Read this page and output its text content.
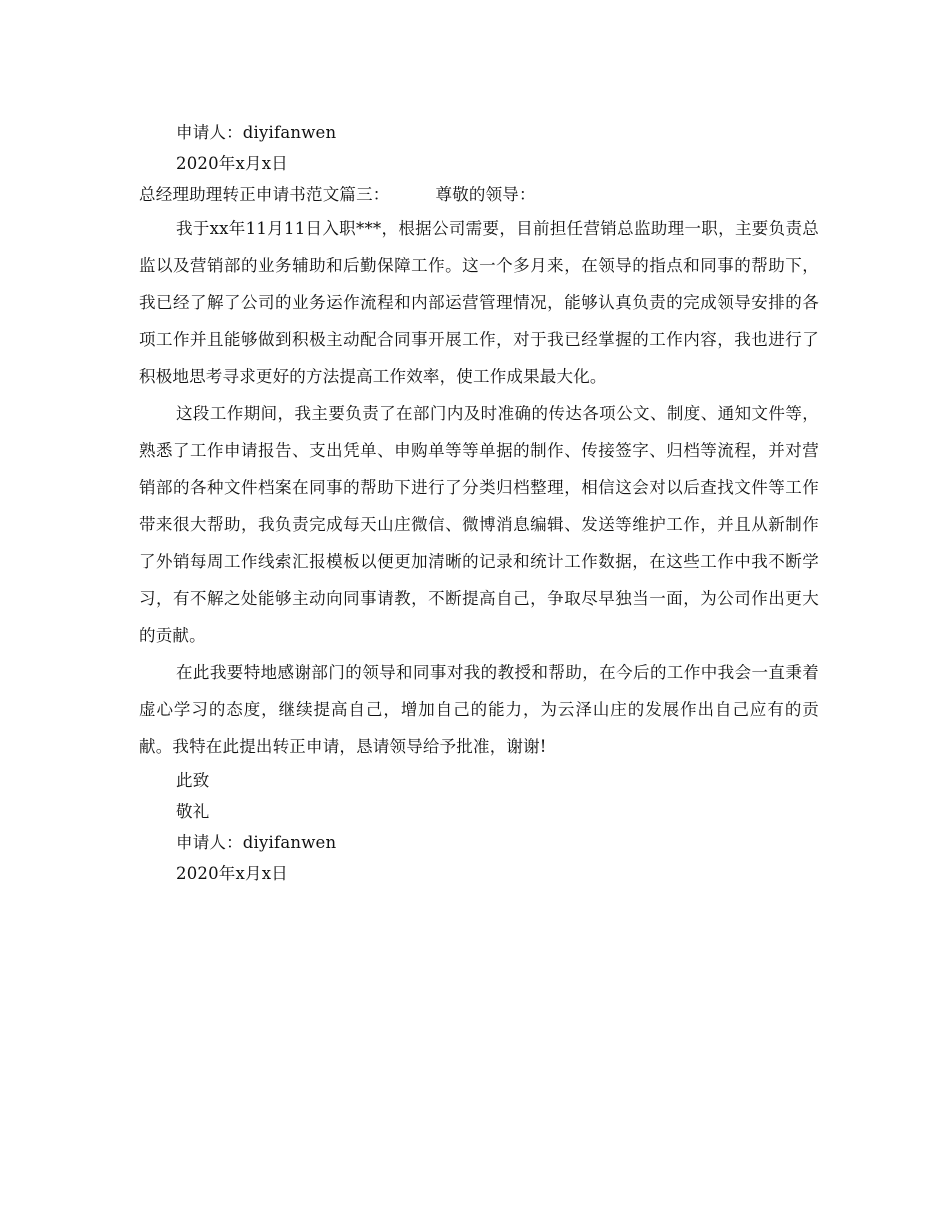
申请人：diyifanwen
2020年x月x日
总经理助理转正申请书范文篇三：	尊敬的领导：

我于xx年11月11日入职***，根据公司需要，目前担任营销总监助理一职，主要负责总监以及营销部的业务辅助和后勤保障工作。这一个多月来，在领导的指点和同事的帮助下，我已经了解了公司的业务运作流程和内部运营管理情况，能够认真负责的完成领导安排的各项工作并且能够做到积极主动配合同事开展工作，对于我已经掌握的工作内容，我也进行了积极地思考寻求更好的方法提高工作效率，使工作成果最大化。

这段工作期间，我主要负责了在部门内及时准确的传达各项公文、制度、通知文件等，熟悉了工作申请报告、支出凭单、申购单等等单据的制作、传接签字、归档等流程，并对营销部的各种文件档案在同事的帮助下进行了分类归档整理，相信这会对以后查找文件等工作带来很大帮助，我负责完成每天山庄微信、微博消息编辑、发送等维护工作，并且从新制作了外销每周工作线索汇报模板以便更加清晰的记录和统计工作数据，在这些工作中我不断学习，有不解之处能够主动向同事请教，不断提高自己，争取尽早独当一面，为公司作出更大的贡献。

在此我要特地感谢部门的领导和同事对我的教授和帮助，在今后的工作中我会一直秉着虚心学习的态度，继续提高自己，增加自己的能力，为云泽山庄的发展作出自己应有的贡献。我特在此提出转正申请，恳请领导给予批准，谢谢!

此致
敬礼
申请人：diyifanwen
2020年x月x日
